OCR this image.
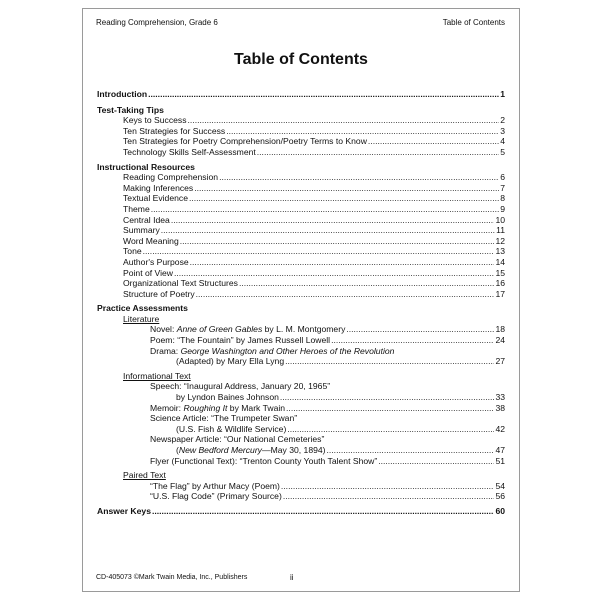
Reading Comprehension, Grade 6	Table of Contents
Table of Contents
Introduction .....	1
Test-Taking Tips
Keys to Success .....	2
Ten Strategies for Success .....	3
Ten Strategies for Poetry Comprehension/Poetry Terms to Know .....	4
Technology Skills Self-Assessment .....	5
Instructional Resources
Reading Comprehension .....	6
Making Inferences .....	7
Textual Evidence .....	8
Theme .....	9
Central Idea .....	10
Summary .....	11
Word Meaning .....	12
Tone .....	13
Author's Purpose .....	14
Point of View .....	15
Organizational Text Structures .....	16
Structure of Poetry .....	17
Practice Assessments
Literature
Novel: Anne of Green Gables by L. M. Montgomery .....	18
Poem: “The Fountain” by James Russell Lowell .....	24
Drama: George Washington and Other Heroes of the Revolution
(Adapted) by Mary Ella Lyng .....	27
Informational Text
Speech: “Inaugural Address, January 20, 1965”
by Lyndon Baines Johnson .....	33
Memoir: Roughing It by Mark Twain .....	38
Science Article: “The Trumpeter Swan”
(U.S. Fish & Wildlife Service) .....	42
Newspaper Article: “Our National Cemeteries”
(New Bedford Mercury—May 30, 1894) .....	47
Flyer (Functional Text): “Trenton County Youth Talent Show” .....	51
Paired Text
“The Flag” by Arthur Macy (Poem) .....	54
“U.S. Flag Code” (Primary Source) .....	56
Answer Keys .....	60
CD-405073 ©Mark Twain Media, Inc., Publishers	ii
